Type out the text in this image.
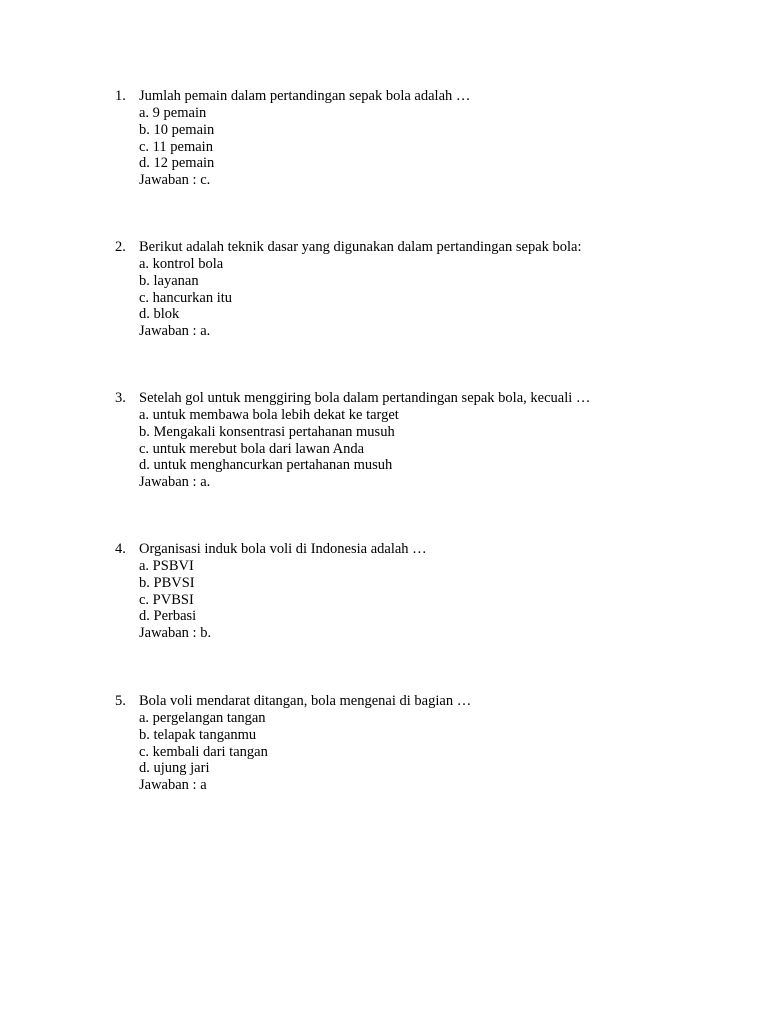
1. Jumlah pemain dalam pertandingan sepak bola adalah …
a. 9 pemain
b. 10 pemain
c. 11 pemain
d. 12 pemain
Jawaban : c.
2. Berikut adalah teknik dasar yang digunakan dalam pertandingan sepak bola:
a. kontrol bola
b. layanan
c. hancurkan itu
d. blok
Jawaban : a.
3. Setelah gol untuk menggiring bola dalam pertandingan sepak bola, kecuali …
a. untuk membawa bola lebih dekat ke target
b. Mengakali konsentrasi pertahanan musuh
c. untuk merebut bola dari lawan Anda
d. untuk menghancurkan pertahanan musuh
Jawaban : a.
4. Organisasi induk bola voli di Indonesia adalah …
a. PSBVI
b. PBVSI
c. PVBSI
d. Perbasi
Jawaban : b.
5. Bola voli mendarat ditangan, bola mengenai di bagian …
a. pergelangan tangan
b. telapak tanganmu
c. kembali dari tangan
d. ujung jari
Jawaban : a
